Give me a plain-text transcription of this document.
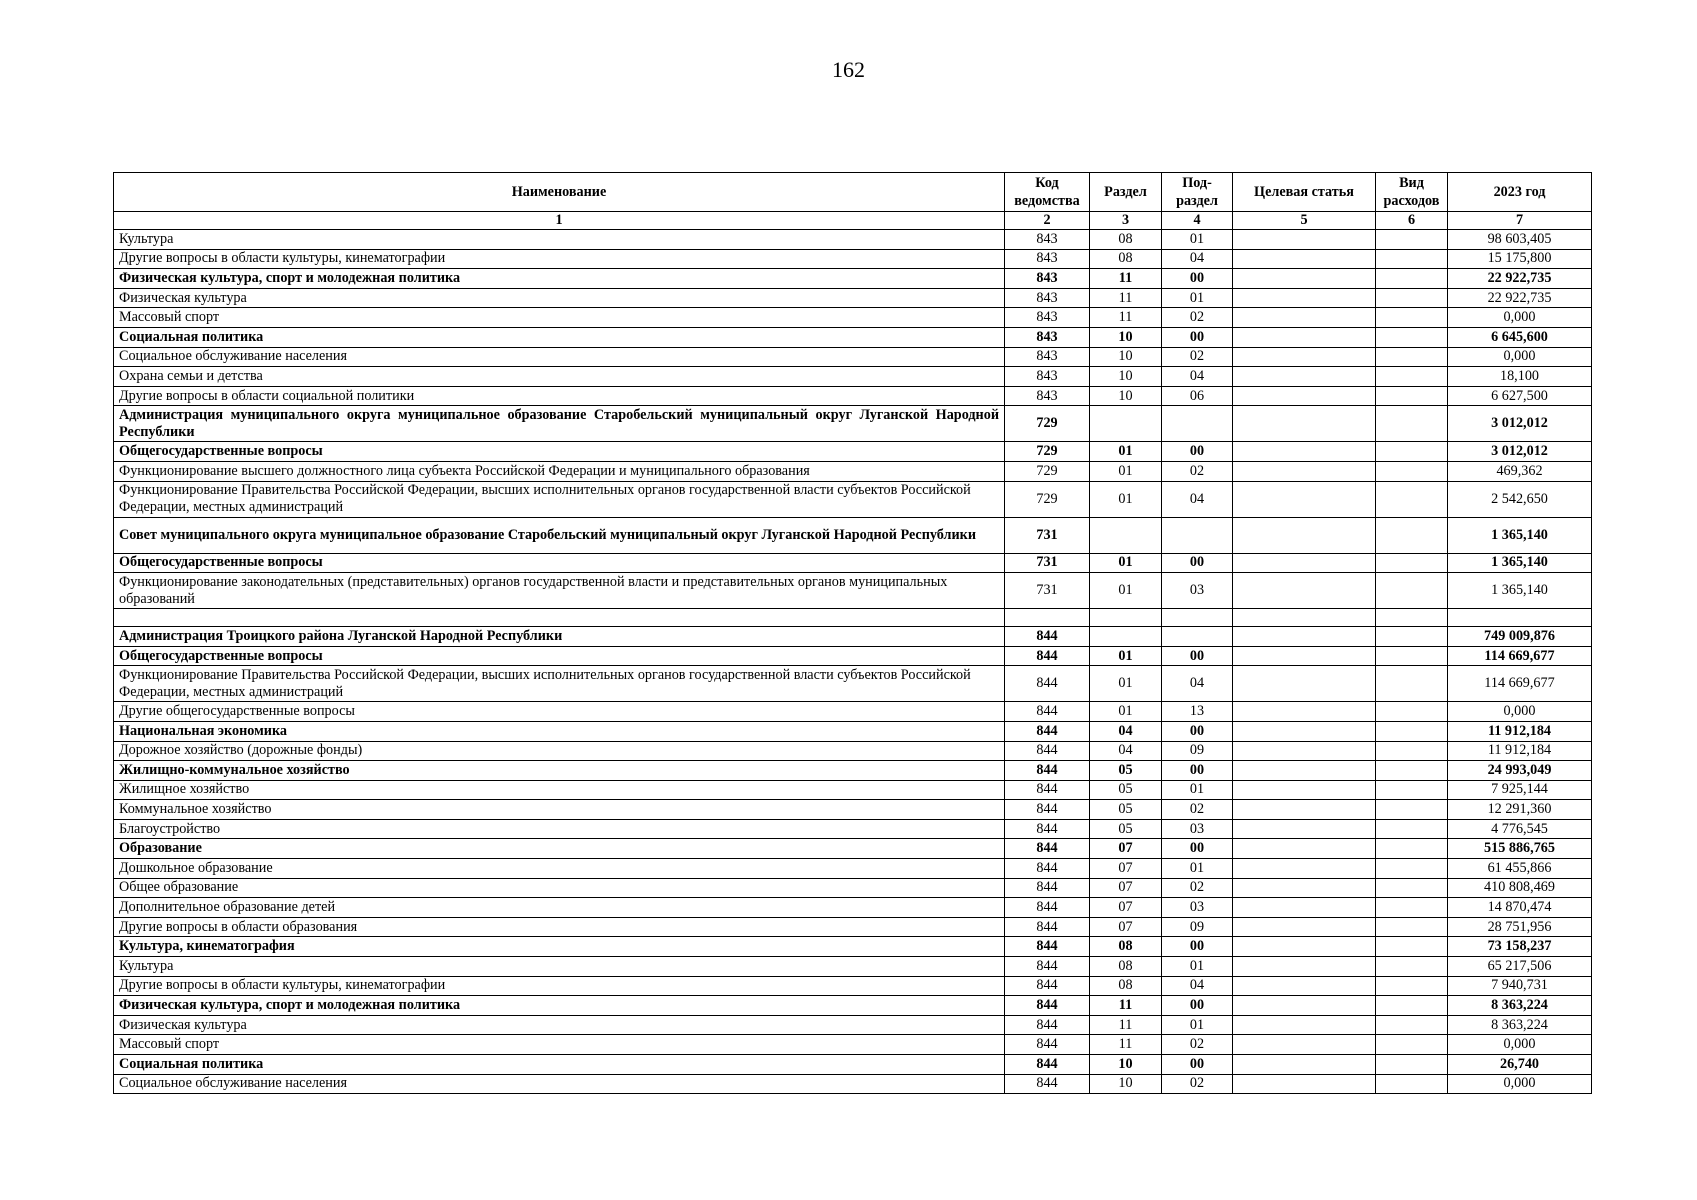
162
Наименование	Код ведомства	Раздел	Под-раздел	Целевая статья	Вид расходов	2023 год
1	2	3	4	5	6	7
Культура	843	08	01			98 603,405
Другие вопросы в области культуры, кинематографии	843	08	04			15 175,800
Физическая культура, спорт и молодежная политика	843	11	00			22 922,735
Физическая культура	843	11	01			22 922,735
Массовый спорт	843	11	02			0,000
Социальная политика	843	10	00			6 645,600
Социальное обслуживание населения	843	10	02			0,000
Охрана семьи и детства	843	10	04			18,100
Другие вопросы в области социальной политики	843	10	06			6 627,500
Администрация муниципального округа муниципальное образование Старобельский муниципальный округ Луганской Народной Республики	729					3 012,012
Общегосударственные вопросы	729	01	00			3 012,012
Функционирование высшего должностного лица субъекта Российской Федерации и муниципального образования	729	01	02			469,362
Функционирование Правительства Российской Федерации, высших исполнительных органов государственной власти субъектов Российской Федерации, местных администраций	729	01	04			2 542,650
Совет муниципального округа муниципальное образование Старобельский муниципальный округ Луганской Народной Республики	731					1 365,140
Общегосударственные вопросы	731	01	00			1 365,140
Функционирование законодательных (представительных) органов государственной власти и представительных органов муниципальных образований	731	01	03			1 365,140

Администрация Троицкого района Луганской Народной Республики	844					749 009,876
Общегосударственные вопросы	844	01	00			114 669,677
Функционирование Правительства Российской Федерации, высших исполнительных органов государственной власти субъектов Российской Федерации, местных администраций	844	01	04			114 669,677
Другие общегосударственные вопросы	844	01	13			0,000
Национальная экономика	844	04	00			11 912,184
Дорожное хозяйство (дорожные фонды)	844	04	09			11 912,184
Жилищно-коммунальное хозяйство	844	05	00			24 993,049
Жилищное хозяйство	844	05	01			7 925,144
Коммунальное хозяйство	844	05	02			12 291,360
Благоустройство	844	05	03			4 776,545
Образование	844	07	00			515 886,765
Дошкольное образование	844	07	01			61 455,866
Общее образование	844	07	02			410 808,469
Дополнительное образование детей	844	07	03			14 870,474
Другие вопросы в области образования	844	07	09			28 751,956
Культура, кинематография	844	08	00			73 158,237
Культура	844	08	01			65 217,506
Другие вопросы в области культуры, кинематографии	844	08	04			7 940,731
Физическая культура, спорт и молодежная политика	844	11	00			8 363,224
Физическая культура	844	11	01			8 363,224
Массовый спорт	844	11	02			0,000
Социальная политика	844	10	00			26,740
Социальное обслуживание населения	844	10	02			0,000
